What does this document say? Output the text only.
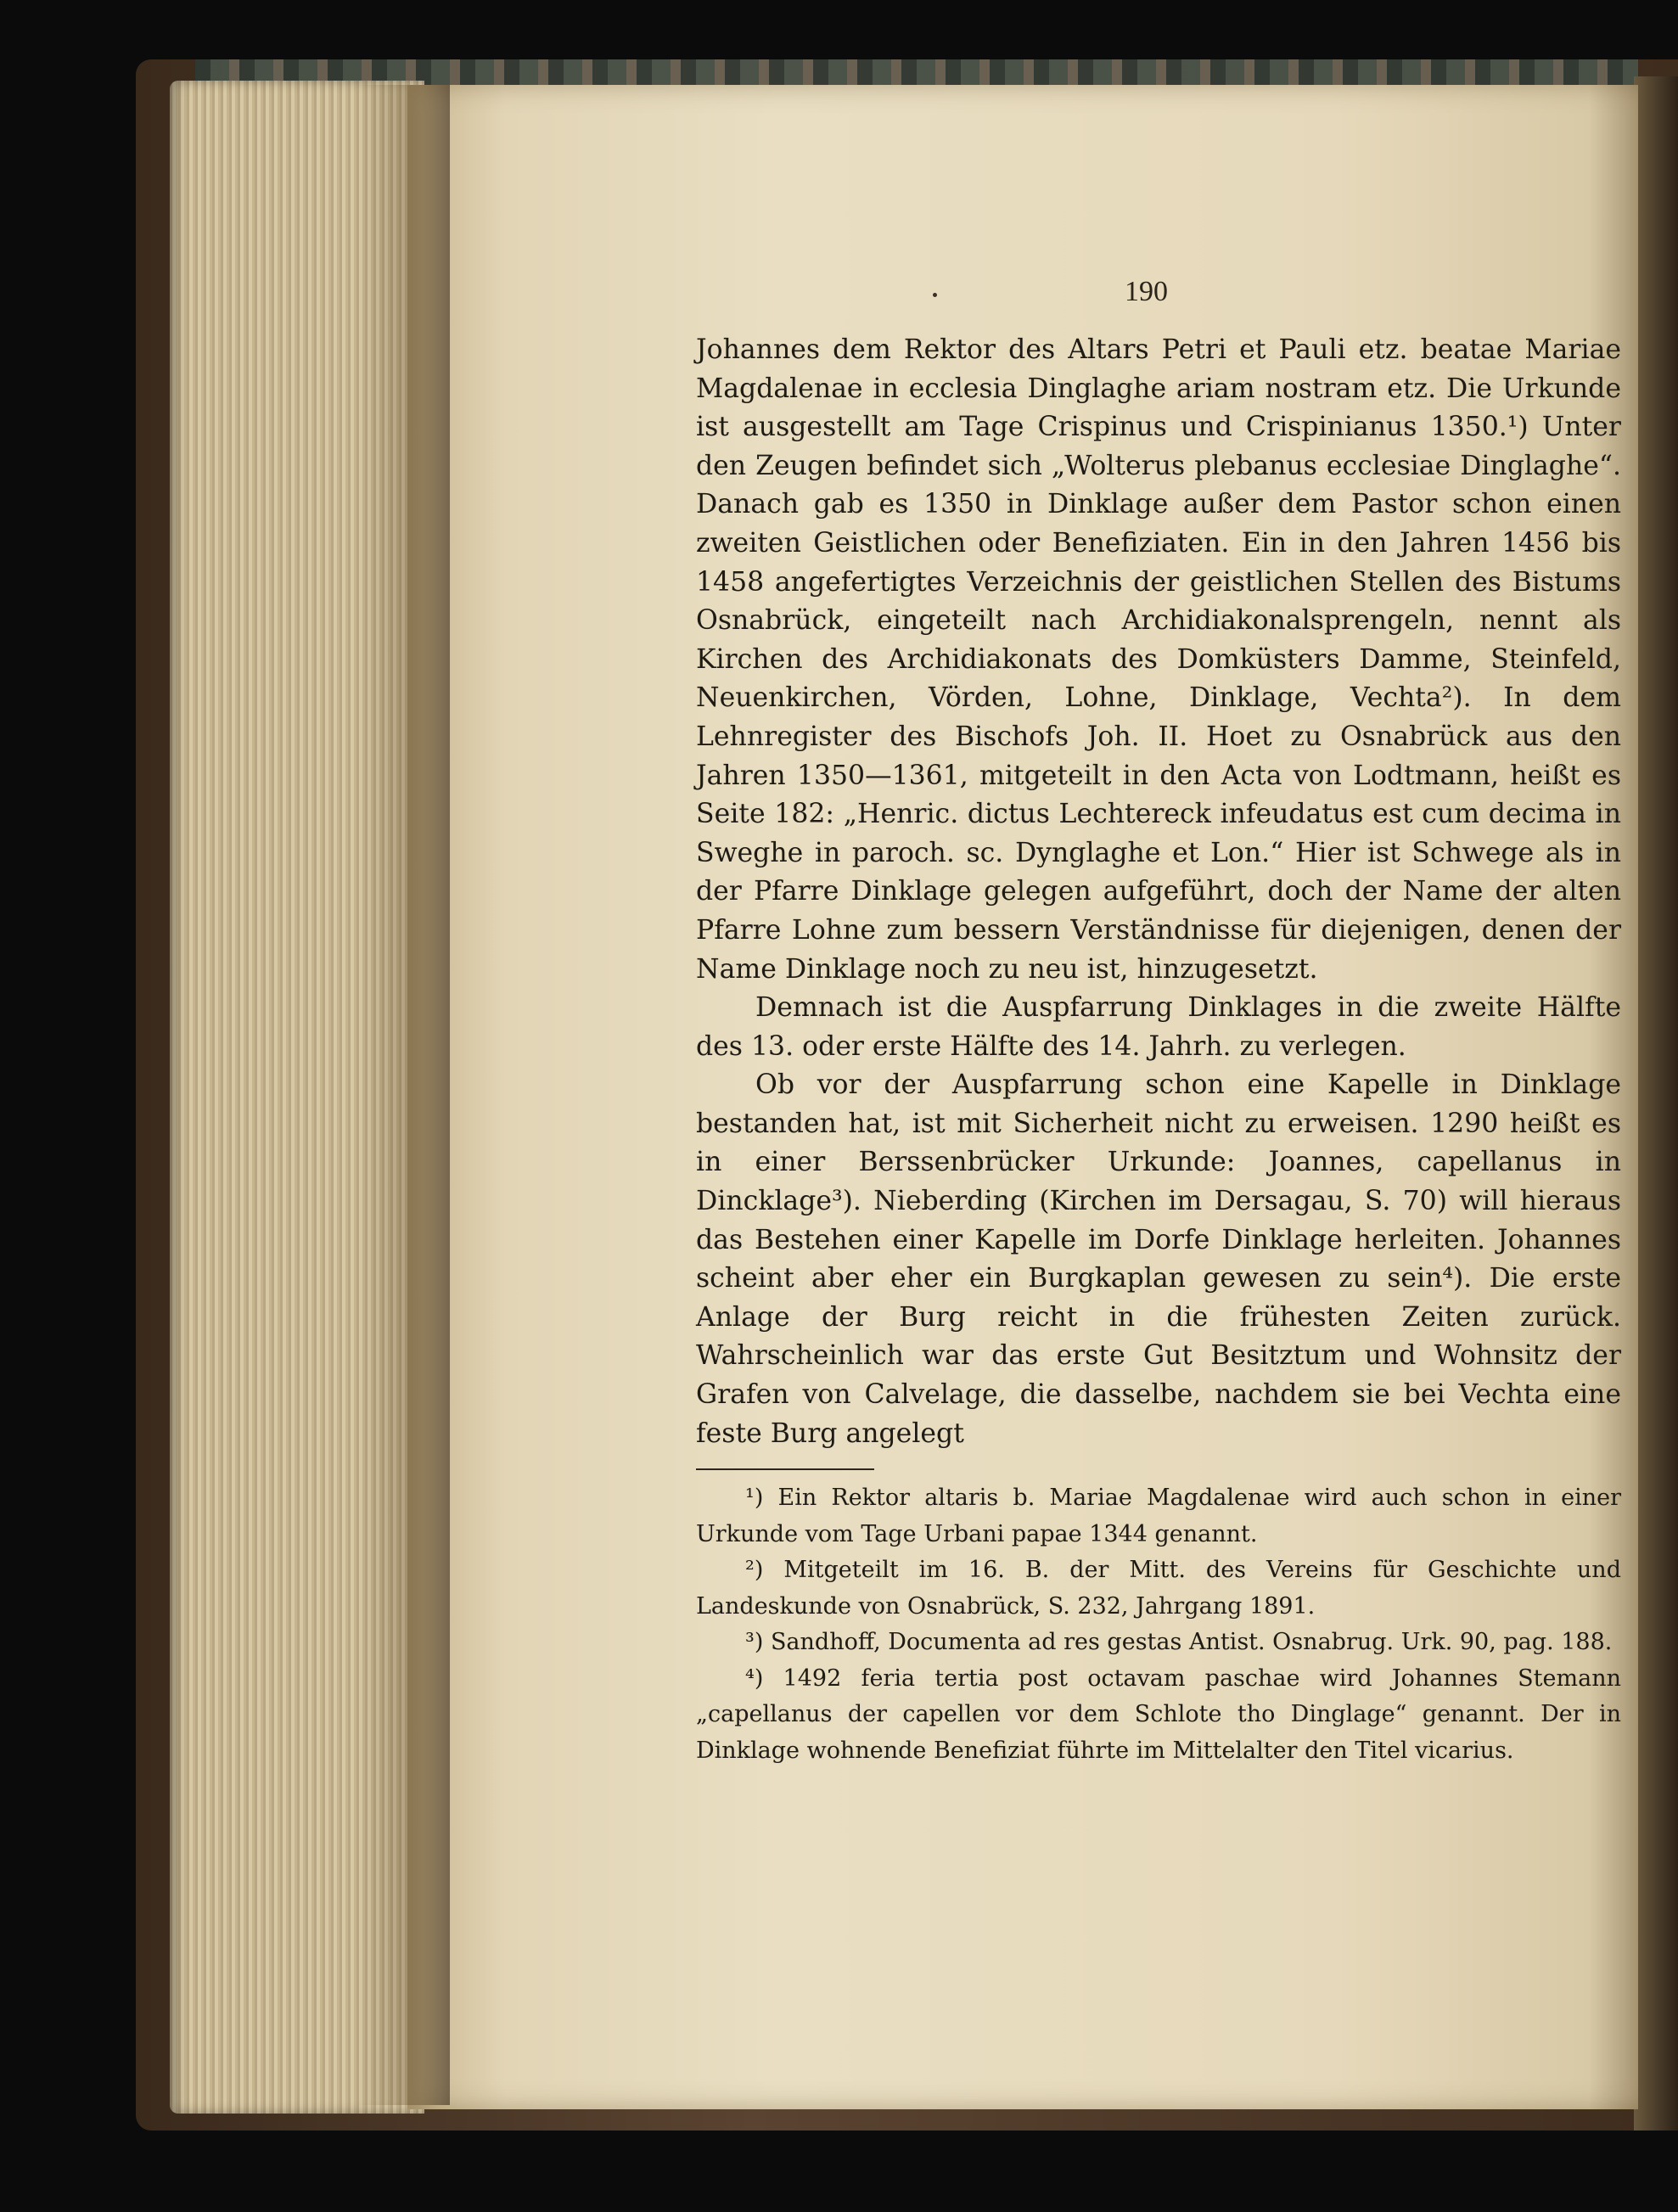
190

Johannes dem Rektor des Altars Petri et Pauli etz. beatae Mariae Magdalenae in ecclesia Dinglaghe ariam nostram etz. Die Urkunde ist ausgestellt am Tage Crispinus und Crispinianus 1350.¹) Unter den Zeugen befindet sich „Wolterus plebanus ecclesiae Dinglaghe“. Danach gab es 1350 in Dinklage außer dem Pastor schon einen zweiten Geistlichen oder Benefiziaten. Ein in den Jahren 1456 bis 1458 angefertigtes Verzeichnis der geistlichen Stellen des Bistums Osnabrück, eingeteilt nach Archidiakonalsprengeln, nennt als Kirchen des Archidiakonats des Domküsters Damme, Steinfeld, Neuenkirchen, Vörden, Lohne, Dinklage, Vechta²). In dem Lehnregister des Bischofs Joh. II. Hoet zu Osnabrück aus den Jahren 1350—1361, mitgeteilt in den Acta von Lodtmann, heißt es Seite 182: „Henric. dictus Lechtereck infeudatus est cum decima in Sweghe in paroch. sc. Dynglaghe et Lon.“ Hier ist Schwege als in der Pfarre Dinklage gelegen aufgeführt, doch der Name der alten Pfarre Lohne zum bessern Verständnisse für diejenigen, denen der Name Dinklage noch zu neu ist, hinzugesetzt.

Demnach ist die Auspfarrung Dinklages in die zweite Hälfte des 13. oder erste Hälfte des 14. Jahrh. zu verlegen.

Ob vor der Auspfarrung schon eine Kapelle in Dinklage bestanden hat, ist mit Sicherheit nicht zu erweisen. 1290 heißt es in einer Berssenbrücker Urkunde: Joannes, capellanus in Dincklage³). Nieberding (Kirchen im Dersagau, S. 70) will hieraus das Bestehen einer Kapelle im Dorfe Dinklage herleiten. Johannes scheint aber eher ein Burgkaplan gewesen zu sein⁴). Die erste Anlage der Burg reicht in die frühesten Zeiten zurück. Wahrscheinlich war das erste Gut Besitztum und Wohnsitz der Grafen von Calvelage, die dasselbe, nachdem sie bei Vechta eine feste Burg angelegt

¹) Ein Rektor altaris b. Mariae Magdalenae wird auch schon in einer Urkunde vom Tage Urbani papae 1344 genannt.

²) Mitgeteilt im 16. B. der Mitt. des Vereins für Geschichte und Landeskunde von Osnabrück, S. 232, Jahrgang 1891.

³) Sandhoff, Documenta ad res gestas Antist. Osnabrug. Urk. 90, pag. 188.

⁴) 1492 feria tertia post octavam paschae wird Johannes Stemann „capellanus der capellen vor dem Schlote tho Dinglage“ genannt. Der in Dinklage wohnende Benefiziat führte im Mittelalter den Titel vicarius.
